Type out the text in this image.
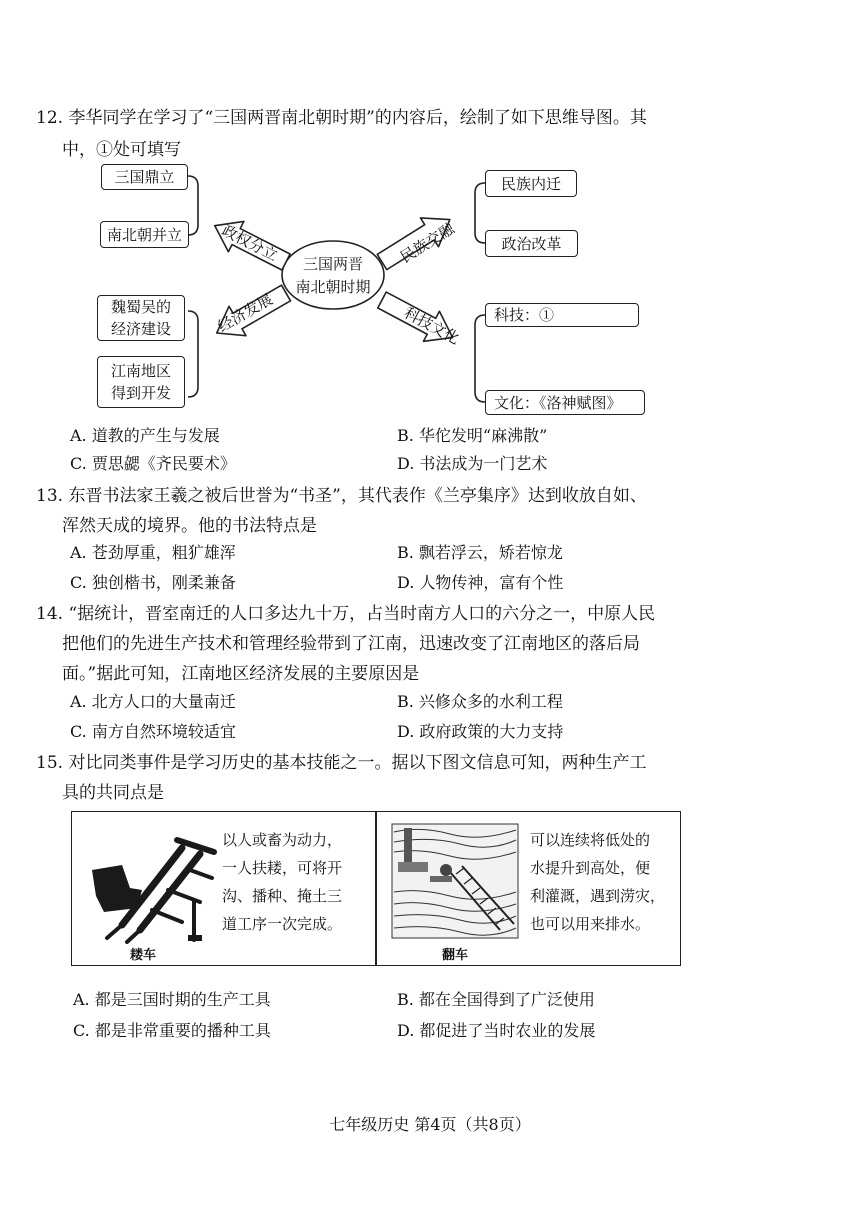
12. 李华同学在学习了“三国两晋南北朝时期”的内容后，绘制了如下思维导图。其
中，①处可填写
三国两晋
南北朝时期
政权分立
经济发展
民族交融
科技文化
三国鼎立
南北朝并立
魏蜀吴的
经济建设
江南地区
得到开发
民族内迁
政治改革
科技：①
文化：《洛神赋图》
A. 道教的产生与发展	B. 华佗发明“麻沸散”
C. 贾思勰《齐民要术》	D. 书法成为一门艺术
13. 东晋书法家王羲之被后世誉为“书圣”，其代表作《兰亭集序》达到收放自如、
浑然天成的境界。他的书法特点是
A. 苍劲厚重，粗犷雄浑	B. 飘若浮云，矫若惊龙
C. 独创楷书，刚柔兼备	D. 人物传神，富有个性
14. “据统计，晋室南迁的人口多达九十万，占当时南方人口的六分之一，中原人民
把他们的先进生产技术和管理经验带到了江南，迅速改变了江南地区的落后局
面。”据此可知，江南地区经济发展的主要原因是
A. 北方人口的大量南迁	B. 兴修众多的水利工程
C. 南方自然环境较适宜	D. 政府政策的大力支持
15. 对比同类事件是学习历史的基本技能之一。据以下图文信息可知，两种生产工
具的共同点是
耧车
以人或畜为动力，
一人扶耧，可将开
沟、播种、掩土三
道工序一次完成。
翻车
可以连续将低处的
水提升到高处，便
利灌溉，遇到涝灾，
也可以用来排水。
A. 都是三国时期的生产工具	B. 都在全国得到了广泛使用
C. 都是非常重要的播种工具	D. 都促进了当时农业的发展
七年级历史 第4页（共8页）
